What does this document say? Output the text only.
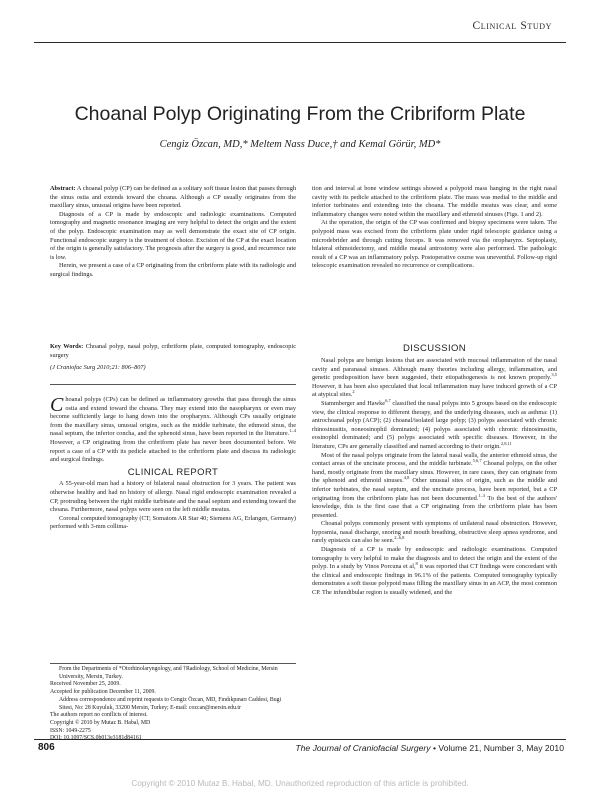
Clinical Study
Choanal Polyp Originating From the Cribriform Plate
Cengiz Özcan, MD,* Meltem Nass Duce,† and Kemal Görür, MD*

Abstract: A choanal polyp (CP) can be defined as a solitary soft tissue lesion that passes through the sinus ostia and extends toward the choana. Although a CP usually originates from the maxillary sinus, unusual origins have been reported.

Diagnosis of a CP is made by endoscopic and radiologic examinations. Computed tomography and magnetic resonance imaging are very helpful to detect the origin and the extent of the polyp. Endoscopic examination may as well demonstrate the exact site of CP origin. Functional endoscopic surgery is the treatment of choice. Excision of the CP at the exact location of the origin is generally satisfactory. The prognosis after the surgery is good, and recurrence rate is low.

Herein, we present a case of a CP originating from the cribriform plate with its radiologic and surgical findings.

Key Words: Choanal polyp, nasal polyp, cribriform plate, computed tomography, endoscopic surgery

(J Craniofac Surg 2010;21: 806–807)

Choanal polyps (CPs) can be defined as inflammatory growths that pass through the sinus ostia and extend toward the choana. They may extend into the nasopharynx or even may become sufficiently large to hang down into the oropharynx. Although CPs usually originate from the maxillary sinus, unusual origins, such as the middle turbinate, the ethmoid sinus, the nasal septum, the inferior concha, and the sphenoid sinus, have been reported in the literature.$^{1-4}$ However, a CP originating from the cribriform plate has never been documented before. We report a case of a CP with its pedicle attached to the cribriform plate and discuss its radiologic and surgical findings.

CLINICAL REPORT

A 55-year-old man had a history of bilateral nasal obstruction for 3 years. The patient was otherwise healthy and had no history of allergy. Nasal rigid endoscopic examination revealed a CP, protruding between the right middle turbinate and the nasal septum and extending toward the choana. Furthermore, nasal polyps were seen on the left middle meatus.

Coronal computed tomography (CT; Somatom AR Star 40; Siemens AG, Erlangen, Germany) performed with 3-mm collima-

From the Departments of *Otorhinolaryngology, and †Radiology, School of Medicine, Mersin University, Mersin, Turkey.

Received November 25, 2009.

Accepted for publication December 11, 2009.

Address correspondence and reprint requests to Cengiz Özcan, MD, Fındıkpınarı Caddesi, Bugi Sitesi, No: 28 Kuyuluk, 33200 Mersin, Turkey; E-mail: cozcan@mersin.edu.tr

The authors report no conflicts of interest.

Copyright © 2010 by Mutaz B. Habal, MD

ISSN: 1049-2275

DOI: 10.1097/SCS.0b013e3181d84161

tion and interval at bone window settings showed a polypoid mass hanging in the right nasal cavity with its pedicle attached to the cribriform plate. The mass was medial to the middle and inferior turbinates and extending into the choana. The middle meatus was clear, and some inflammatory changes were noted within the maxillary and ethmoid sinuses (Figs. 1 and 2).

At the operation, the origin of the CP was confirmed and biopsy specimens were taken. The polypoid mass was excised from the cribriform plate under rigid telescopic guidance using a microdebrider and through cutting forceps. It was removed via the oropharynx. Septoplasty, bilateral ethmoidectomy, and middle meatal antrostomy were also performed. The pathologic result of a CP was an inflammatory polyp. Postoperative course was uneventful. Follow-up rigid telescopic examination revealed no recurrence or complications.

DISCUSSION

Nasal polyps are benign lesions that are associated with mucosal inflammation of the nasal cavity and paranasal sinuses. Although many theories including allergy, inflammation, and genetic predisposition have been suggested, their etiopathogenesis is not known properly.$^{3,5}$ However, it has been also speculated that local inflammation may have induced growth of a CP at atypical sites.$^2$

Stammberger and Hawke$^{6,7}$ classified the nasal polyps into 5 groups based on the endoscopic view, the clinical response to different therapy, and the underlying diseases, such as asthma: (1) antrochoanal polyp (ACP); (2) choanal/isolated large polyp; (3) polyps associated with chronic rhinosinusitis, noneosinophil dominated; (4) polyps associated with chronic rhinosinusitis, eosinophil dominated; and (5) polyps associated with specific diseases. However, in the literature, CPs are generally classified and named according to their origin.$^{2,8,11}$

Most of the nasal polyps originate from the lateral nasal walls, the anterior ethmoid sinus, the contact areas of the uncinate process, and the middle turbinate.$^{5,6,7}$ Choanal polyps, on the other hand, mostly originate from the maxillary sinus. However, in rare cases, they can originate from the sphenoid and ethmoid sinuses.$^{4,8}$ Other unusual sites of origin, such as the middle and inferior turbinates, the nasal septum, and the uncinate process, have been reported, but a CP originating from the cribriform plate has not been documented.$^{1-3}$ To the best of the authors' knowledge, this is the first case that a CP originating from the cribriform plate has been presented.

Choanal polyps commonly present with symptoms of unilateral nasal obstruction. However, hyposmia, nasal discharge, snoring and mouth breathing, obstructive sleep apnea syndrome, and rarely epistaxis can also be seen.$^{2-6,8}$

Diagnosis of a CP is made by endoscopic and radiologic examinations. Computed tomography is very helpful to make the diagnosis and to detect the origin and the extent of the polyp. In a study by Vinos Porcuna et al,$^8$ it was reported that CT findings were concordant with the clinical and endoscopic findings in 96.1% of the patients. Computed tomography typically demonstrates a soft tissue polypoid mass filling the maxillary sinus in an ACP, the most common CP. The infundibular region is usually widened, and the

806	The Journal of Craniofacial Surgery • Volume 21, Number 3, May 2010
Copyright © 2010 Mutaz B. Habal, MD. Unauthorized reproduction of this article is prohibited.
